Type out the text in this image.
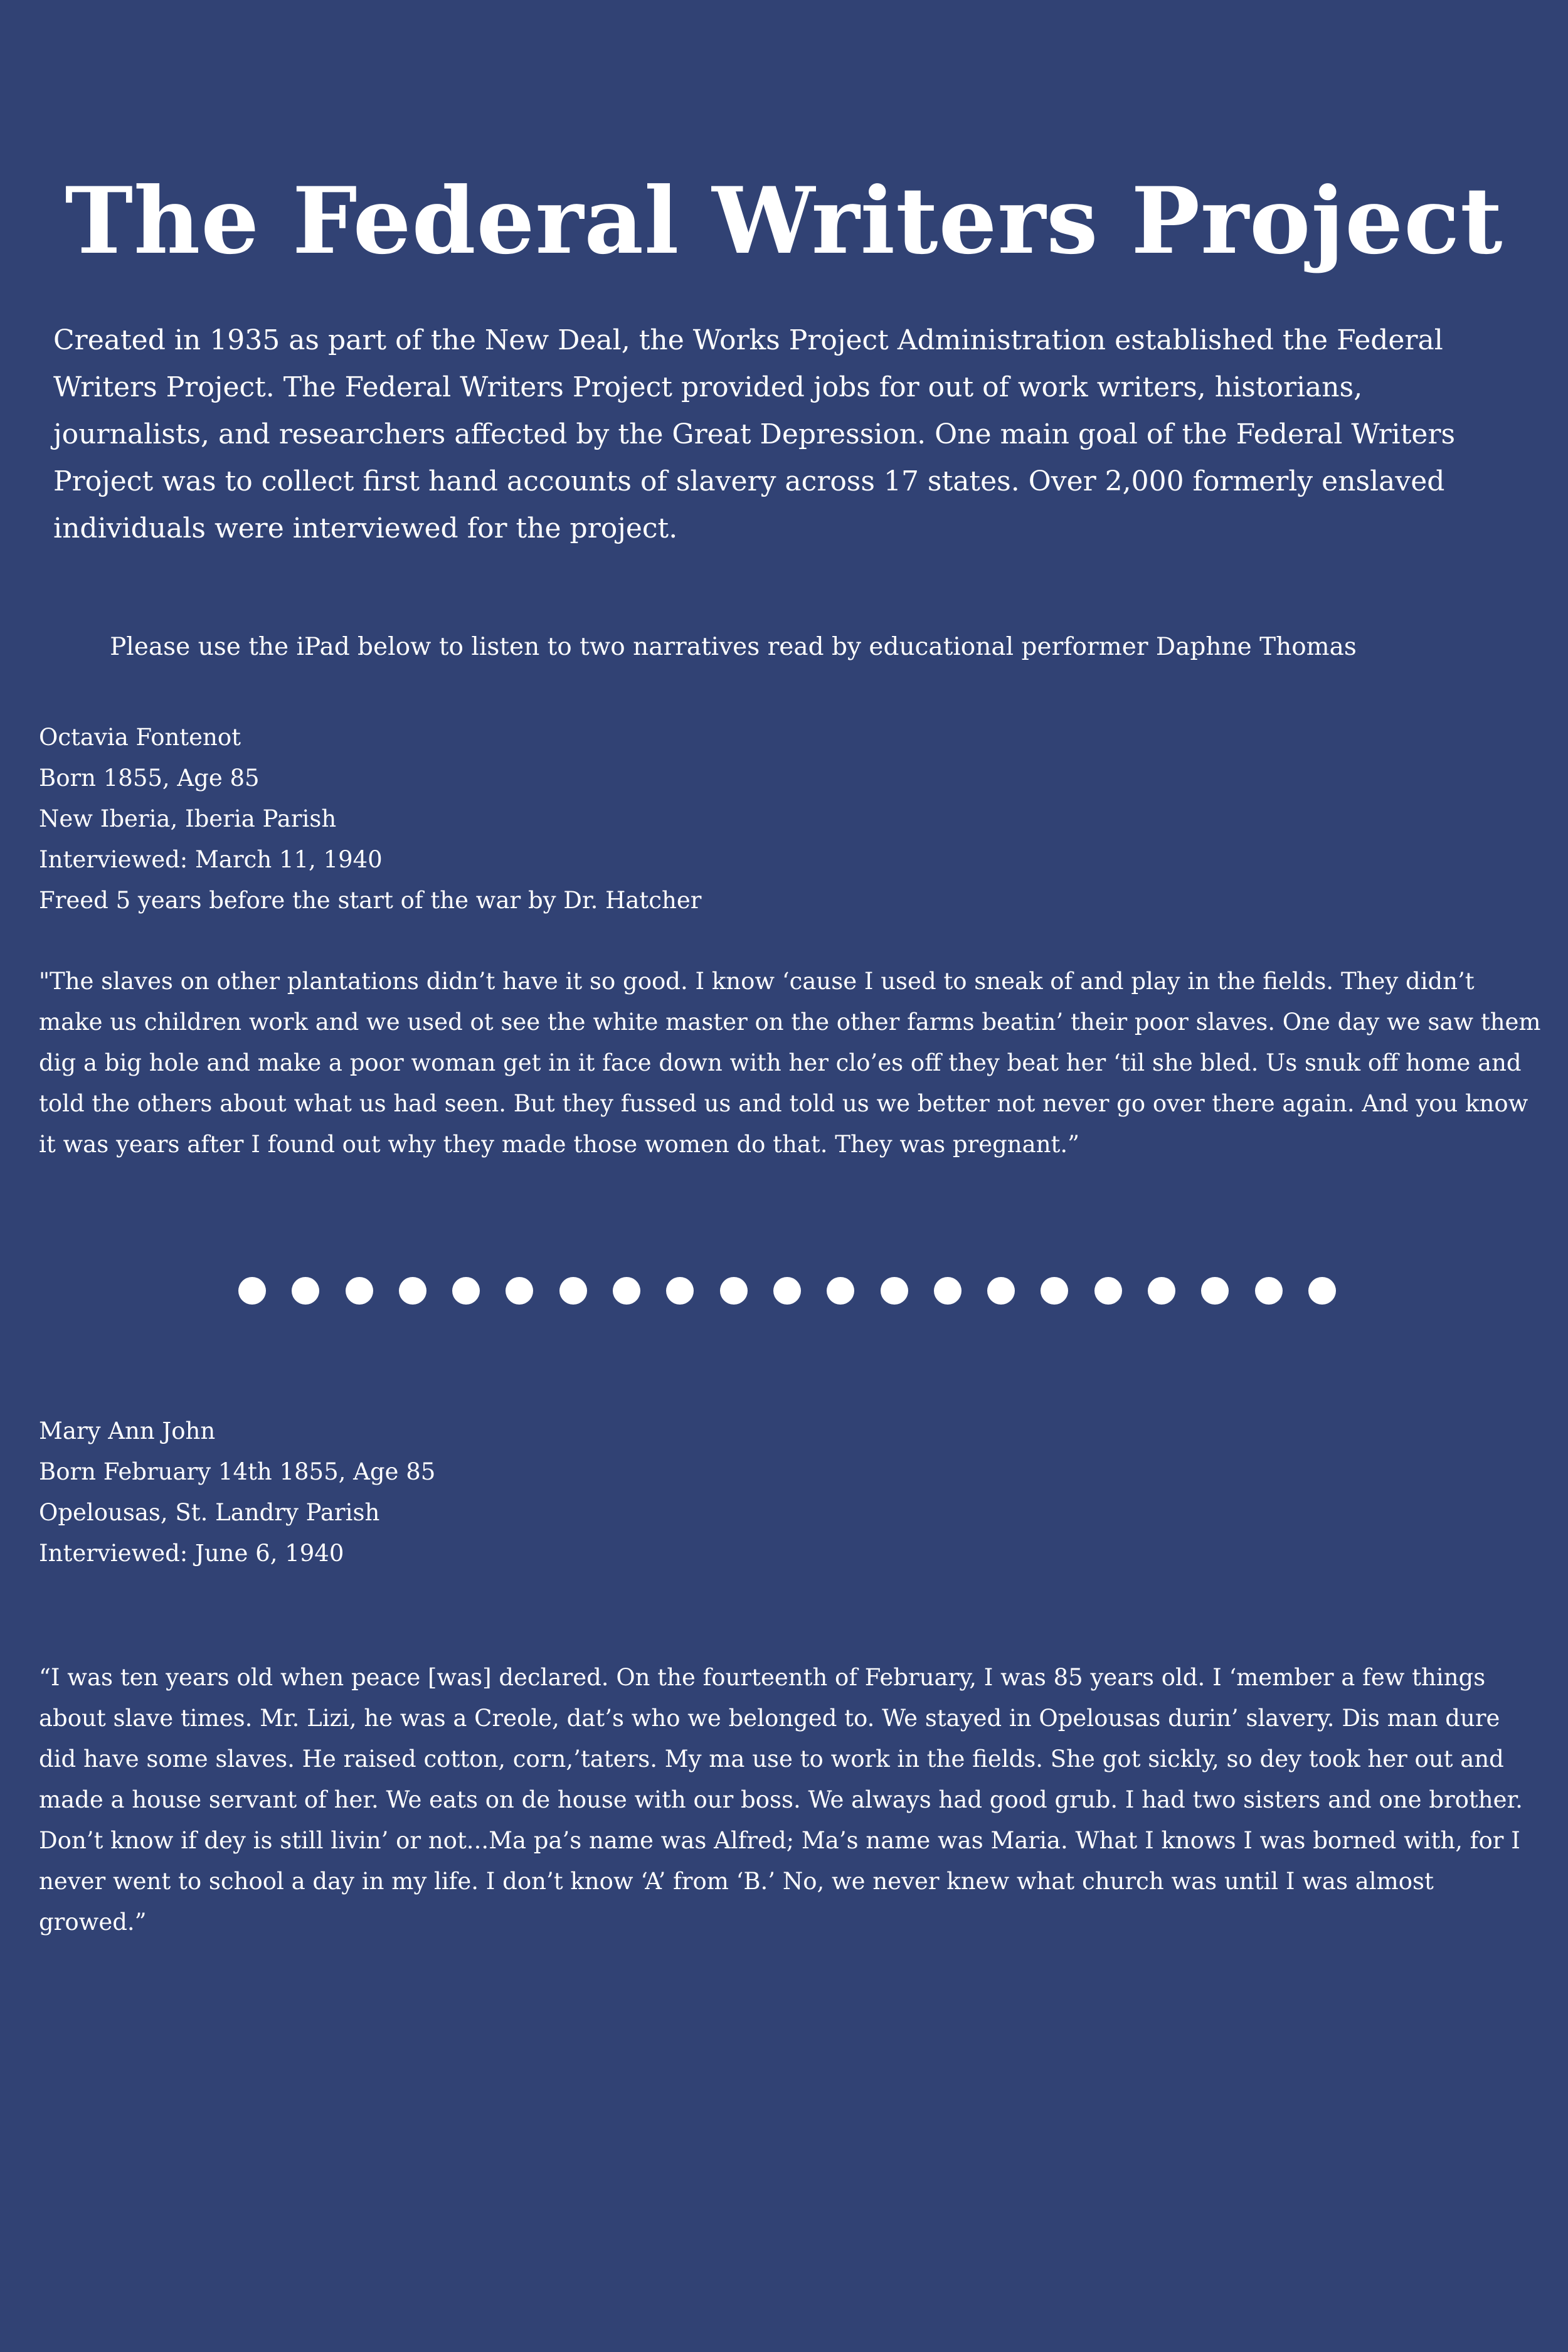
The Federal Writers Project

Created in 1935 as part of the New Deal, the Works Project Administration established the Federal Writers Project. The Federal Writers Project provided jobs for out of work writers, historians, journalists, and researchers affected by the Great Depression. One main goal of the Federal Writers Project was to collect first hand accounts of slavery across 17 states. Over 2,000 formerly enslaved individuals were interviewed for the project.

Please use the iPad below to listen to two narratives read by educational performer Daphne Thomas

Octavia Fontenot
Born 1855, Age 85
New Iberia, Iberia Parish
Interviewed: March 11, 1940
Freed 5 years before the start of the war by Dr. Hatcher

"The slaves on other plantations didn’t have it so good. I know ‘cause I used to sneak of and play in the fields. They didn’t make us children work and we used ot see the white master on the other farms beatin’ their poor slaves. One day we saw them dig a big hole and make a poor woman get in it face down with her clo’es off they beat her ‘til she bled. Us snuk off home and told the others about what us had seen. But they fussed us and told us we better not never go over there again. And you know it was years after I found out why they made those women do that. They was pregnant.”

Mary Ann John
Born February 14th 1855, Age 85
Opelousas, St. Landry Parish
Interviewed: June 6, 1940

“I was ten years old when peace [was] declared. On the fourteenth of February, I was 85 years old. I ‘member a few things about slave times. Mr. Lizi, he was a Creole, dat’s who we belonged to. We stayed in Opelousas durin’ slavery. Dis man dure did have some slaves. He raised cotton, corn,’taters. My ma use to work in the fields. She got sickly, so dey took her out and made a house servant of her. We eats on de house with our boss. We always had good grub. I had two sisters and one brother. Don’t know if dey is still livin’ or not...Ma pa’s name was Alfred; Ma’s name was Maria. What I knows I was borned with, for I never went to school a day in my life. I don’t know ‘A’ from ‘B.’ No, we never knew what church was until I was almost growed.”
